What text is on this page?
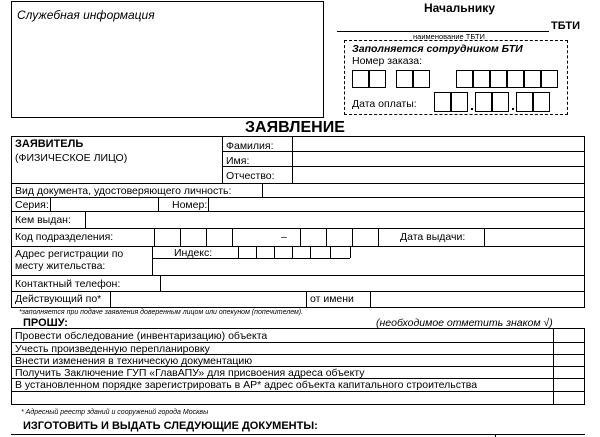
Служебная информация	Начальнику
ТБТИ
наименование ТБТИ
Заполняется сотрудником БТИ
Номер заказа:
Дата оплаты:
ЗАЯВЛЕНИЕ
ЗАЯВИТЕЛЬ
(ФИЗИЧЕСКОЕ ЛИЦО)
Фамилия:
Имя:
Отчество:
Вид документа, удостоверяющего личность:
Серия:	Номер:
Кем выдан:
Код подразделения:	–	Дата выдачи:
Адрес регистрации по
месту жительства:
Индекс:
Контактный телефон:
Действующий по*	от имени
*заполняется при подаче заявления доверенным лицом или опекуном (попечителем).
ПРОШУ:	(необходимое отметить знаком √)
Провести обследование (инвентаризацию) объекта
Учесть произведенную перепланировку
Внести изменения в техническую документацию
Получить Заключение ГУП «ГлавАПУ» для присвоения адреса объекту
В установленном порядке зарегистрировать в АР* адрес объекта капитального строительства
* Адресный реестр зданий и сооружений города Москвы
ИЗГОТОВИТЬ И ВЫДАТЬ СЛЕДУЮЩИЕ ДОКУМЕНТЫ:
